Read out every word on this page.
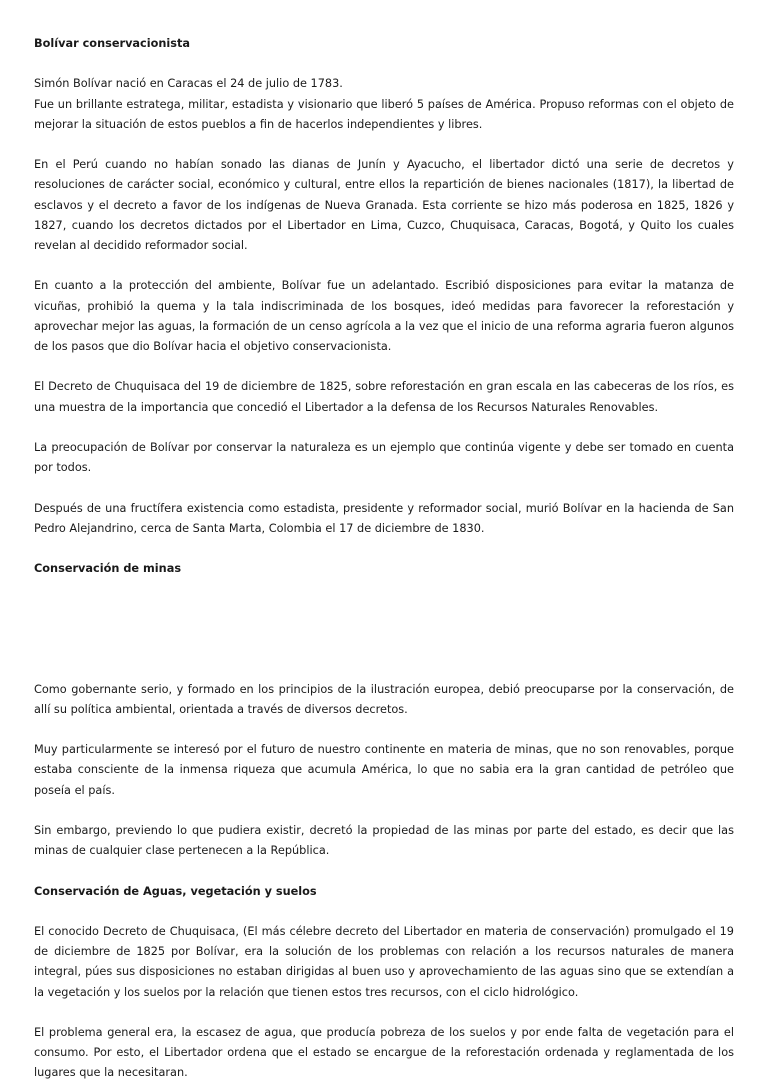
Bolívar conservacionista

Simón Bolívar nació en Caracas el 24 de julio de 1783.
Fue un brillante estratega, militar, estadista y visionario que liberó 5 países de América. Propuso reformas con el objeto de mejorar la situación de estos pueblos a fin de hacerlos independientes y libres.

En el Perú cuando no habían sonado las dianas de Junín y Ayacucho, el libertador dictó una serie de decretos y resoluciones de carácter social, económico y cultural, entre ellos la repartición de bienes nacionales (1817), la libertad de esclavos y el decreto a favor de los indígenas de Nueva Granada. Esta corriente se hizo más poderosa en 1825, 1826 y 1827, cuando los decretos dictados por el Libertador en Lima, Cuzco, Chuquisaca, Caracas, Bogotá, y Quito los cuales revelan al decidido reformador social.

En cuanto a la protección del ambiente, Bolívar fue un adelantado. Escribió disposiciones para evitar la matanza de vicuñas, prohibió la quema y la tala indiscriminada de los bosques, ideó medidas para favorecer la reforestación y aprovechar mejor las aguas, la formación de un censo agrícola a la vez que el inicio de una reforma agraria fueron algunos de los pasos que dio Bolívar hacia el objetivo conservacionista.

El Decreto de Chuquisaca del 19 de diciembre de 1825, sobre reforestación en gran escala en las cabeceras de los ríos, es una muestra de la importancia que concedió el Libertador a la defensa de los Recursos Naturales Renovables.

La preocupación de Bolívar por conservar la naturaleza es un ejemplo que continúa vigente y debe ser tomado en cuenta por todos.

Después de una fructífera existencia como estadista, presidente y reformador social, murió Bolívar en la hacienda de San Pedro Alejandrino, cerca de Santa Marta, Colombia el 17 de diciembre de 1830.

Conservación de minas

Como gobernante serio, y formado en los principios de la ilustración europea, debió preocuparse por la conservación, de allí su política ambiental, orientada a través de diversos decretos.

Muy particularmente se interesó por el futuro de nuestro continente en materia de minas, que no son renovables, porque estaba consciente de la inmensa riqueza que acumula América, lo que no sabia era la gran cantidad de petróleo que poseía el país.

Sin embargo, previendo lo que pudiera existir, decretó la propiedad de las minas por parte del estado, es decir que las minas de cualquier clase pertenecen a la República.

Conservación de Aguas, vegetación y suelos

El conocido Decreto de Chuquisaca, (El más célebre decreto del Libertador en materia de conservación) promulgado el 19 de diciembre de 1825 por Bolívar, era la solución de los problemas con relación a los recursos naturales de manera integral, púes sus disposiciones no estaban dirigidas al buen uso y aprovechamiento de las aguas sino que se extendían a la vegetación y los suelos por la relación que tienen estos tres recursos, con el ciclo hidrológico.

El problema general era, la escasez de agua, que producía pobreza de los suelos y por ende falta de vegetación para el consumo. Por esto, el Libertador ordena que el estado se encargue de la reforestación ordenada y reglamentada de los lugares que la necesitaran.
